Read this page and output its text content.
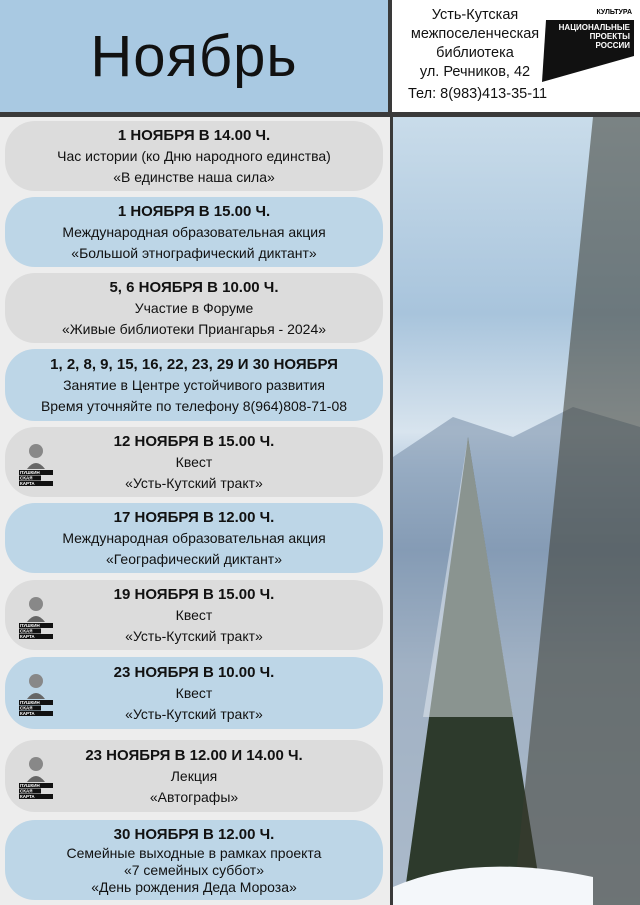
Ноябрь
Усть-Кутская
межпоселенческая
библиотека
ул. Речников, 42
Тел: 8(983)413-35-11
КУЛЬТУРА
НАЦИОНАЛЬНЫЕ
ПРОЕКТЫ
РОССИИ
1 НОЯБРЯ В 14.00 Ч.
Час истории (ко Дню народного единства)
«В единстве наша сила»
1 НОЯБРЯ В 15.00 Ч.
Международная образовательная акция
«Большой этнографический диктант»
5, 6 НОЯБРЯ В 10.00 Ч.
Участие в Форуме
«Живые библиотеки Приангарья - 2024»
1, 2, 8, 9, 15, 16, 22, 23, 29 И 30 НОЯБРЯ
Занятие в Центре устойчивого развития
Время уточняйте по телефону 8(964)808-71-08
12 НОЯБРЯ В 15.00 Ч.
Квест
«Усть-Кутский тракт»
ПУШКИН
СКАЯ
КАРТА
17 НОЯБРЯ В 12.00 Ч.
Международная образовательная акция
«Географический диктант»
19 НОЯБРЯ В 15.00 Ч.
Квест
«Усть-Кутский тракт»
ПУШКИН
СКАЯ
КАРТА
23 НОЯБРЯ В 10.00 Ч.
Квест
«Усть-Кутский тракт»
ПУШКИН
СКАЯ
КАРТА
23 НОЯБРЯ В 12.00 И 14.00 Ч.
Лекция
«Автографы»
ПУШКИН
СКАЯ
КАРТА
30 НОЯБРЯ В 12.00 Ч.
Семейные выходные в рамках проекта
«7 семейных суббот»
«День рождения Деда Мороза»
